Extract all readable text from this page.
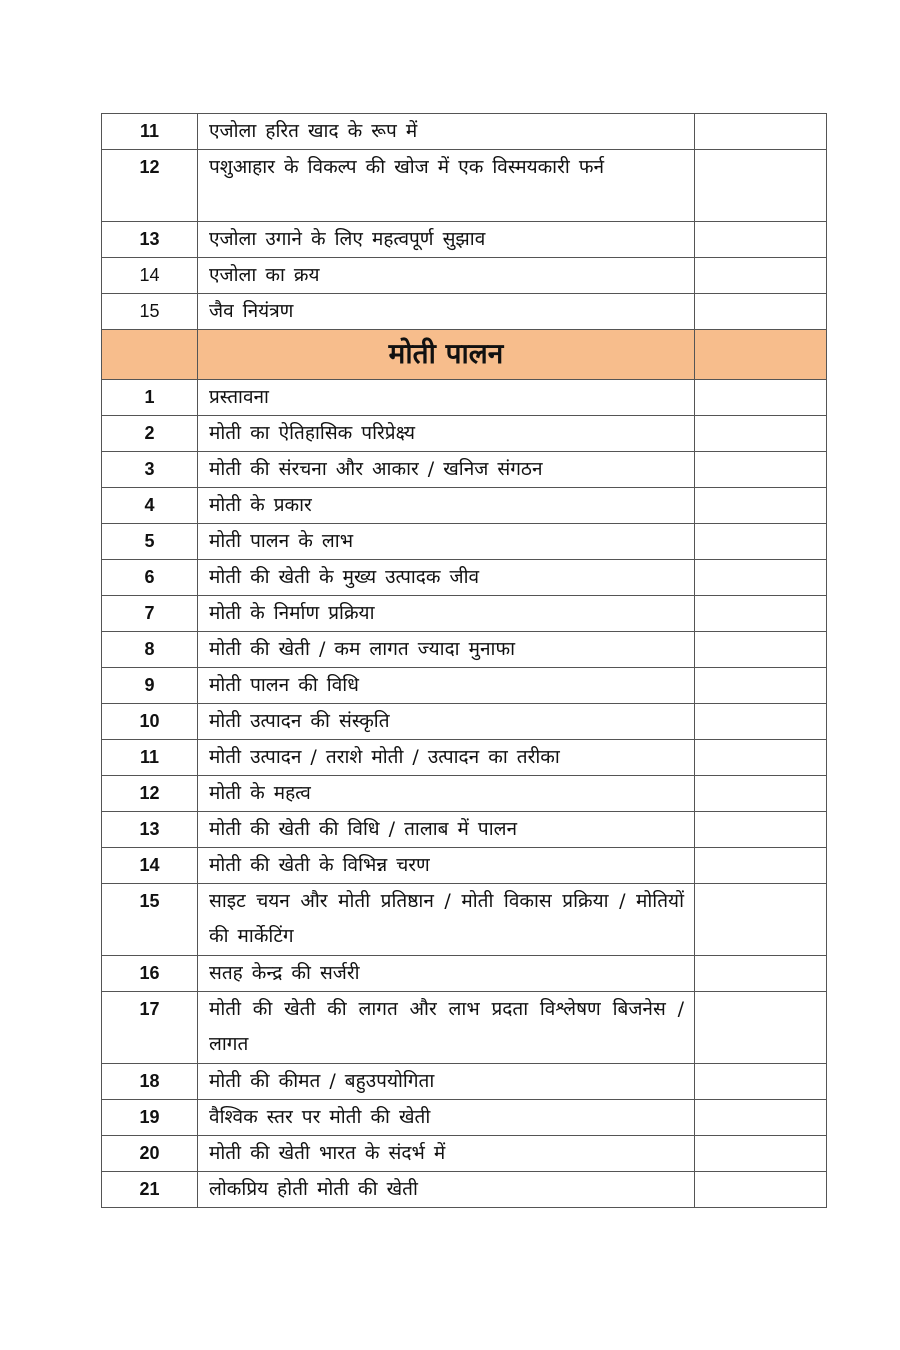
11	एजोला हरित खाद के रूप में	
12	पशुआहार के विकल्प की खोज में एक विस्मयकारी फर्न	
13	एजोला उगाने के लिए महत्वपूर्ण सुझाव	
14	एजोला का क्रय	
15	जैव नियंत्रण	
	मोती पालन	
1	प्रस्तावना	
2	मोती का ऐतिहासिक परिप्रेक्ष्य	
3	मोती की संरचना और आकार / खनिज संगठन	
4	मोती के प्रकार	
5	मोती पालन के लाभ	
6	मोती की खेती के मुख्य उत्पादक जीव	
7	मोती के निर्माण प्रक्रिया	
8	मोती की खेती / कम लागत ज्यादा मुनाफा	
9	मोती पालन की विधि	
10	मोती उत्पादन की संस्कृति	
11	मोती उत्पादन / तराशे मोती / उत्पादन का तरीका	
12	मोती के महत्व	
13	मोती की खेती की विधि / तालाब में पालन	
14	मोती की खेती के विभिन्न चरण	
15	साइट चयन और मोती प्रतिष्ठान / मोती विकास प्रक्रिया / मोतियों की मार्केटिंग	
16	सतह केन्द्र की सर्जरी	
17	मोती की खेती की लागत और लाभ प्रदता विश्लेषण बिजनेस / लागत	
18	मोती की कीमत / बहुउपयोगिता	
19	वैश्विक स्तर पर मोती की खेती	
20	मोती की खेती भारत के संदर्भ में	
21	लोकप्रिय होती मोती की खेती	
